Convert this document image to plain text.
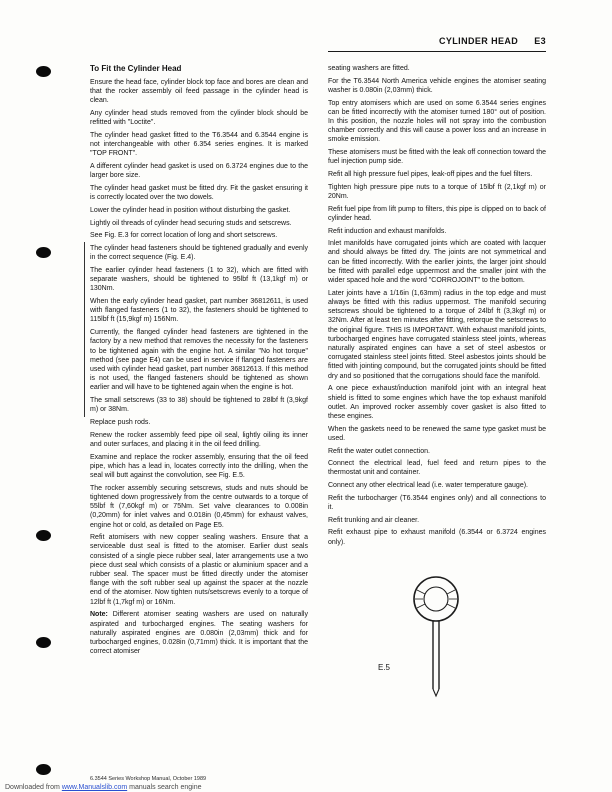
CYLINDER HEAD E3
To Fit the Cylinder Head

Ensure the head face, cylinder block top face and bores are clean and that the rocker assembly oil feed passage in the cylinder head is clean.

Any cylinder head studs removed from the cylinder block should be refitted with "Loctite".

The cylinder head gasket fitted to the T6.3544 and 6.3544 engine is not interchangeable with other 6.354 series engines. It is marked "TOP FRONT".

A different cylinder head gasket is used on 6.3724 engines due to the larger bore size.

The cylinder head gasket must be fitted dry. Fit the gasket ensuring it is correctly located over the two dowels.

Lower the cylinder head in position without disturbing the gasket.

Lightly oil threads of cylinder head securing studs and setscrews.

See Fig. E.3 for correct location of long and short setscrews.

The cylinder head fasteners should be tightened gradually and evenly in the correct sequence (Fig. E.4).

The earlier cylinder head fasteners (1 to 32), which are fitted with separate washers, should be tightened to 95lbf ft (13,1kgf m) or 130Nm.

When the early cylinder head gasket, part number 36812611, is used with flanged fasteners (1 to 32), the fasteners should be tightened to 115lbf ft (15,9kgf m) 156Nm.

Currently, the flanged cylinder head fasteners are tightened in the factory by a new method that removes the necessity for the fasteners to be tightened again with the engine hot. A similar "No hot torque" method (see page E4) can be used in service if flanged fasteners are used with cylinder head gasket, part number 36812613. If this method is not used, the flanged fasteners should be tightened as shown earlier and will have to be tightened again when the engine is hot.

The small setscrews (33 to 38) should be tightened to 28lbf ft (3,9kgf m) or 38Nm.

Replace push rods.

Renew the rocker assembly feed pipe oil seal, lightly oiling its inner and outer surfaces, and placing it in the oil feed drilling.

Examine and replace the rocker assembly, ensuring that the oil feed pipe, which has a lead in, locates correctly into the drilling, when the seal will butt against the convolution, see Fig. E.5.

The rocker assembly securing setscrews, studs and nuts should be tightened down progressively from the centre outwards to a torque of 55lbf ft (7,60kgf m) or 75Nm. Set valve clearances to 0.008in (0,20mm) for inlet valves and 0.018in (0,45mm) for exhaust valves, engine hot or cold, as detailed on Page E5.

Refit atomisers with new copper sealing washers. Ensure that a serviceable dust seal is fitted to the atomiser. Earlier dust seals consisted of a single piece rubber seal, later arrangements use a two piece dust seal which consists of a plastic or aluminium spacer and a rubber seal. The spacer must be fitted directly under the atomiser flange with the soft rubber seal up against the spacer at the nozzle end of the atomiser. Now tighten nuts/setscrews evenly to a torque of 12lbf ft (1,7kgf m) or 16Nm.

Note: Different atomiser seating washers are used on naturally aspirated and turbocharged engines. The seating washers for naturally aspirated engines are 0.080in (2,03mm) thick and for turbocharged engines, 0.028in (0,71mm) thick. It is important that the correct atomiser

seating washers are fitted.

For the T6.3544 North America vehicle engines the atomiser seating washer is 0.080in (2,03mm) thick.

Top entry atomisers which are used on some 6.3544 series engines can be fitted incorrectly with the atomiser turned 180° out of position. In this position, the nozzle holes will not spray into the combustion chamber correctly and this will cause a power loss and an increase in smoke emission.

These atomisers must be fitted with the leak off connection toward the fuel injection pump side.

Refit all high pressure fuel pipes, leak-off pipes and the fuel filters.

Tighten high pressure pipe nuts to a torque of 15lbf ft (2,1kgf m) or 20Nm.

Refit fuel pipe from lift pump to filters, this pipe is clipped on to back of cylinder head.

Refit induction and exhaust manifolds.

Inlet manifolds have corrugated joints which are coated with lacquer and should always be fitted dry. The joints are not symmetrical and can be fitted incorrectly. With the earlier joints, the larger joint should be fitted with parallel edge uppermost and the smaller joint with the wider spaced hole and the word "CORROJOINT" to the bottom.

Later joints have a 1/16in (1,63mm) radius in the top edge and must always be fitted with this radius uppermost. The manifold securing setscrews should be tightened to a torque of 24lbf ft (3,3kgf m) or 32Nm. After at least ten minutes after fitting, retorque the setscrews to the original figure. THIS IS IMPORTANT. With exhaust manifold joints, turbocharged engines have corrugated stainless steel joints, whereas naturally aspirated engines can have a set of steel asbestos or corrugated stainless steel joints fitted. Steel asbestos joints should be fitted with jointing compound, but the corrugated joints should be fitted dry and so positioned that the corrugations should face the manifold.

A one piece exhaust/induction manifold joint with an integral heat shield is fitted to some engines which have the top exhaust manifold outlet. An improved rocker assembly cover gasket is also fitted to these engines.

When the gaskets need to be renewed the same type gasket must be used.

Refit the water outlet connection.

Connect the electrical lead, fuel feed and return pipes to the thermostat unit and container.

Connect any other electrical lead (i.e. water temperature gauge).

Refit the turbocharger (T6.3544 engines only) and all connections to it.

Refit trunking and air cleaner.

Refit exhaust pipe to exhaust manifold (6.3544 or 6.3724 engines only).

E.5
6.3544 Series Workshop Manual, October 1989
Downloaded from www.Manualslib.com manuals search engine
